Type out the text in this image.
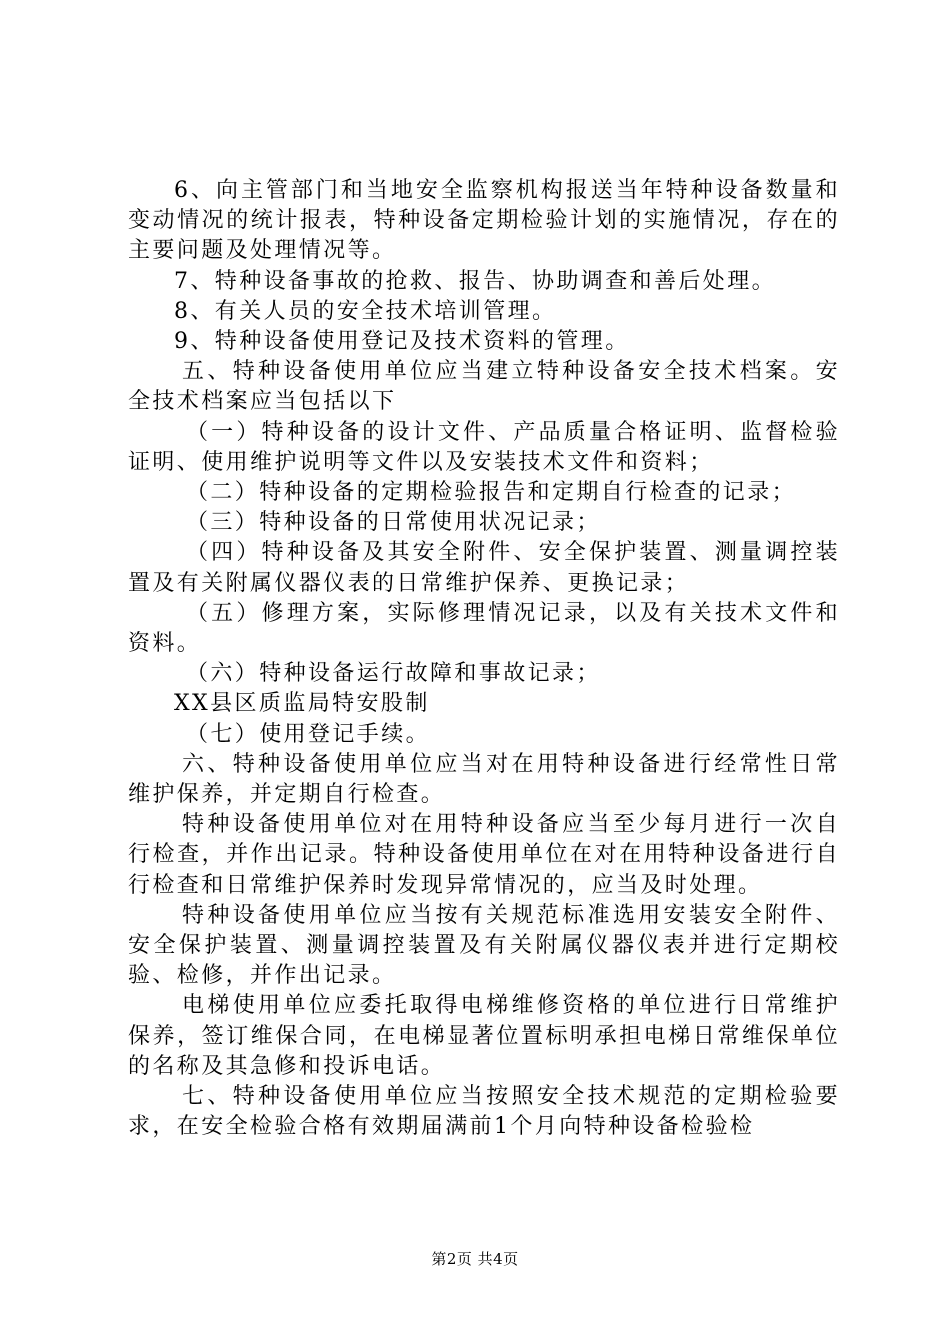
6、向主管部门和当地安全监察机构报送当年特种设备数量和变动情况的统计报表，特种设备定期检验计划的实施情况，存在的主要问题及处理情况等。

7、特种设备事故的抢救、报告、协助调查和善后处理。

8、有关人员的安全技术培训管理。

9、特种设备使用登记及技术资料的管理。

五、特种设备使用单位应当建立特种设备安全技术档案。安全技术档案应当包括以下

（一）特种设备的设计文件、产品质量合格证明、监督检验证明、使用维护说明等文件以及安装技术文件和资料；

（二）特种设备的定期检验报告和定期自行检查的记录；

（三）特种设备的日常使用状况记录；

（四）特种设备及其安全附件、安全保护装置、测量调控装置及有关附属仪器仪表的日常维护保养、更换记录；

（五）修理方案，实际修理情况记录，以及有关技术文件和资料。

（六）特种设备运行故障和事故记录；

XX县区质监局特安股制

（七）使用登记手续。

六、特种设备使用单位应当对在用特种设备进行经常性日常维护保养，并定期自行检查。

特种设备使用单位对在用特种设备应当至少每月进行一次自行检查，并作出记录。特种设备使用单位在对在用特种设备进行自行检查和日常维护保养时发现异常情况的，应当及时处理。

特种设备使用单位应当按有关规范标准选用安装安全附件、安全保护装置、测量调控装置及有关附属仪器仪表并进行定期校验、检修，并作出记录。

电梯使用单位应委托取得电梯维修资格的单位进行日常维护保养，签订维保合同，在电梯显著位置标明承担电梯日常维保单位的名称及其急修和投诉电话。

七、特种设备使用单位应当按照安全技术规范的定期检验要求，在安全检验合格有效期届满前1个月向特种设备检验检

第2页 共4页
